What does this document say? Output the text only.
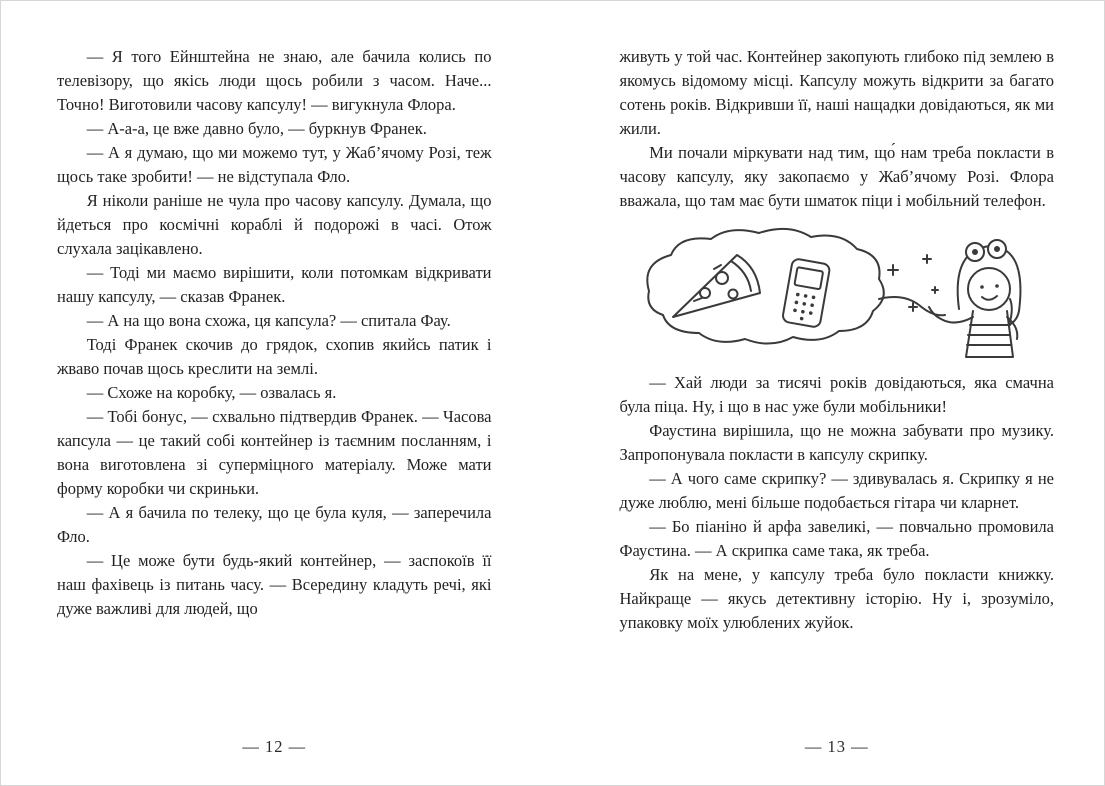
— Я того Ейнштейна не знаю, але бачила колись по телевізору, що якісь люди щось робили з часом. Наче... Точно! Виготовили часову капсулу! — вигукнула Флора.

— А-а-а, це вже давно було, — буркнув Франек.

— А я думаю, що ми можемо тут, у Жаб’ячому Розі, теж щось таке зробити! — не відступала Фло.

Я ніколи раніше не чула про часову капсулу. Думала, що йдеться про космічні кораблі й подорожі в часі. Отож слухала зацікавлено.

— Тоді ми маємо вирішити, коли потомкам відкривати нашу капсулу, — сказав Франек.

— А на що вона схожа, ця капсула? — спитала Фау.

Тоді Франек скочив до грядок, схопив якийсь патик і жваво почав щось креслити на землі.

— Схоже на коробку, — озвалась я.

— Тобі бонус, — схвально підтвердив Франек. — Часова капсула — це такий собі контейнер із таємним посланням, і вона виготовлена зі суперміцного матеріалу. Може мати форму коробки чи скриньки.

— А я бачила по телеку, що це була куля, — заперечила Фло.

— Це може бути будь-який контейнер, — заспокоїв її наш фахівець із питань часу. — Всередину кладуть речі, які дуже важливі для людей, що

— 12 —

живуть у той час. Контейнер закопують глибоко під землею в якомусь відомому місці. Капсулу можуть відкрити за багато сотень років. Відкривши її, наші нащадки довідаються, як ми жили.

Ми почали міркувати над тим, що́ нам треба покласти в часову капсулу, яку закопаємо у Жаб’ячому Розі. Флора вважала, що там має бути шматок піци і мобільний телефон.

— Хай люди за тисячі років довідаються, яка смачна була піца. Ну, і що в нас уже були мобільники!

Фаустина вирішила, що не можна забувати про музику. Запропонувала покласти в капсулу скрипку.

— А чого саме скрипку? — здивувалась я. Скрипку я не дуже люблю, мені більше подобається гітара чи кларнет.

— Бо піаніно й арфа завеликі, — повчально промовила Фаустина. — А скрипка саме така, як треба.

Як на мене, у капсулу треба було покласти книжку. Найкраще — якусь детективну історію. Ну і, зрозуміло, упаковку моїх улюблених жуйок.

— 13 —
